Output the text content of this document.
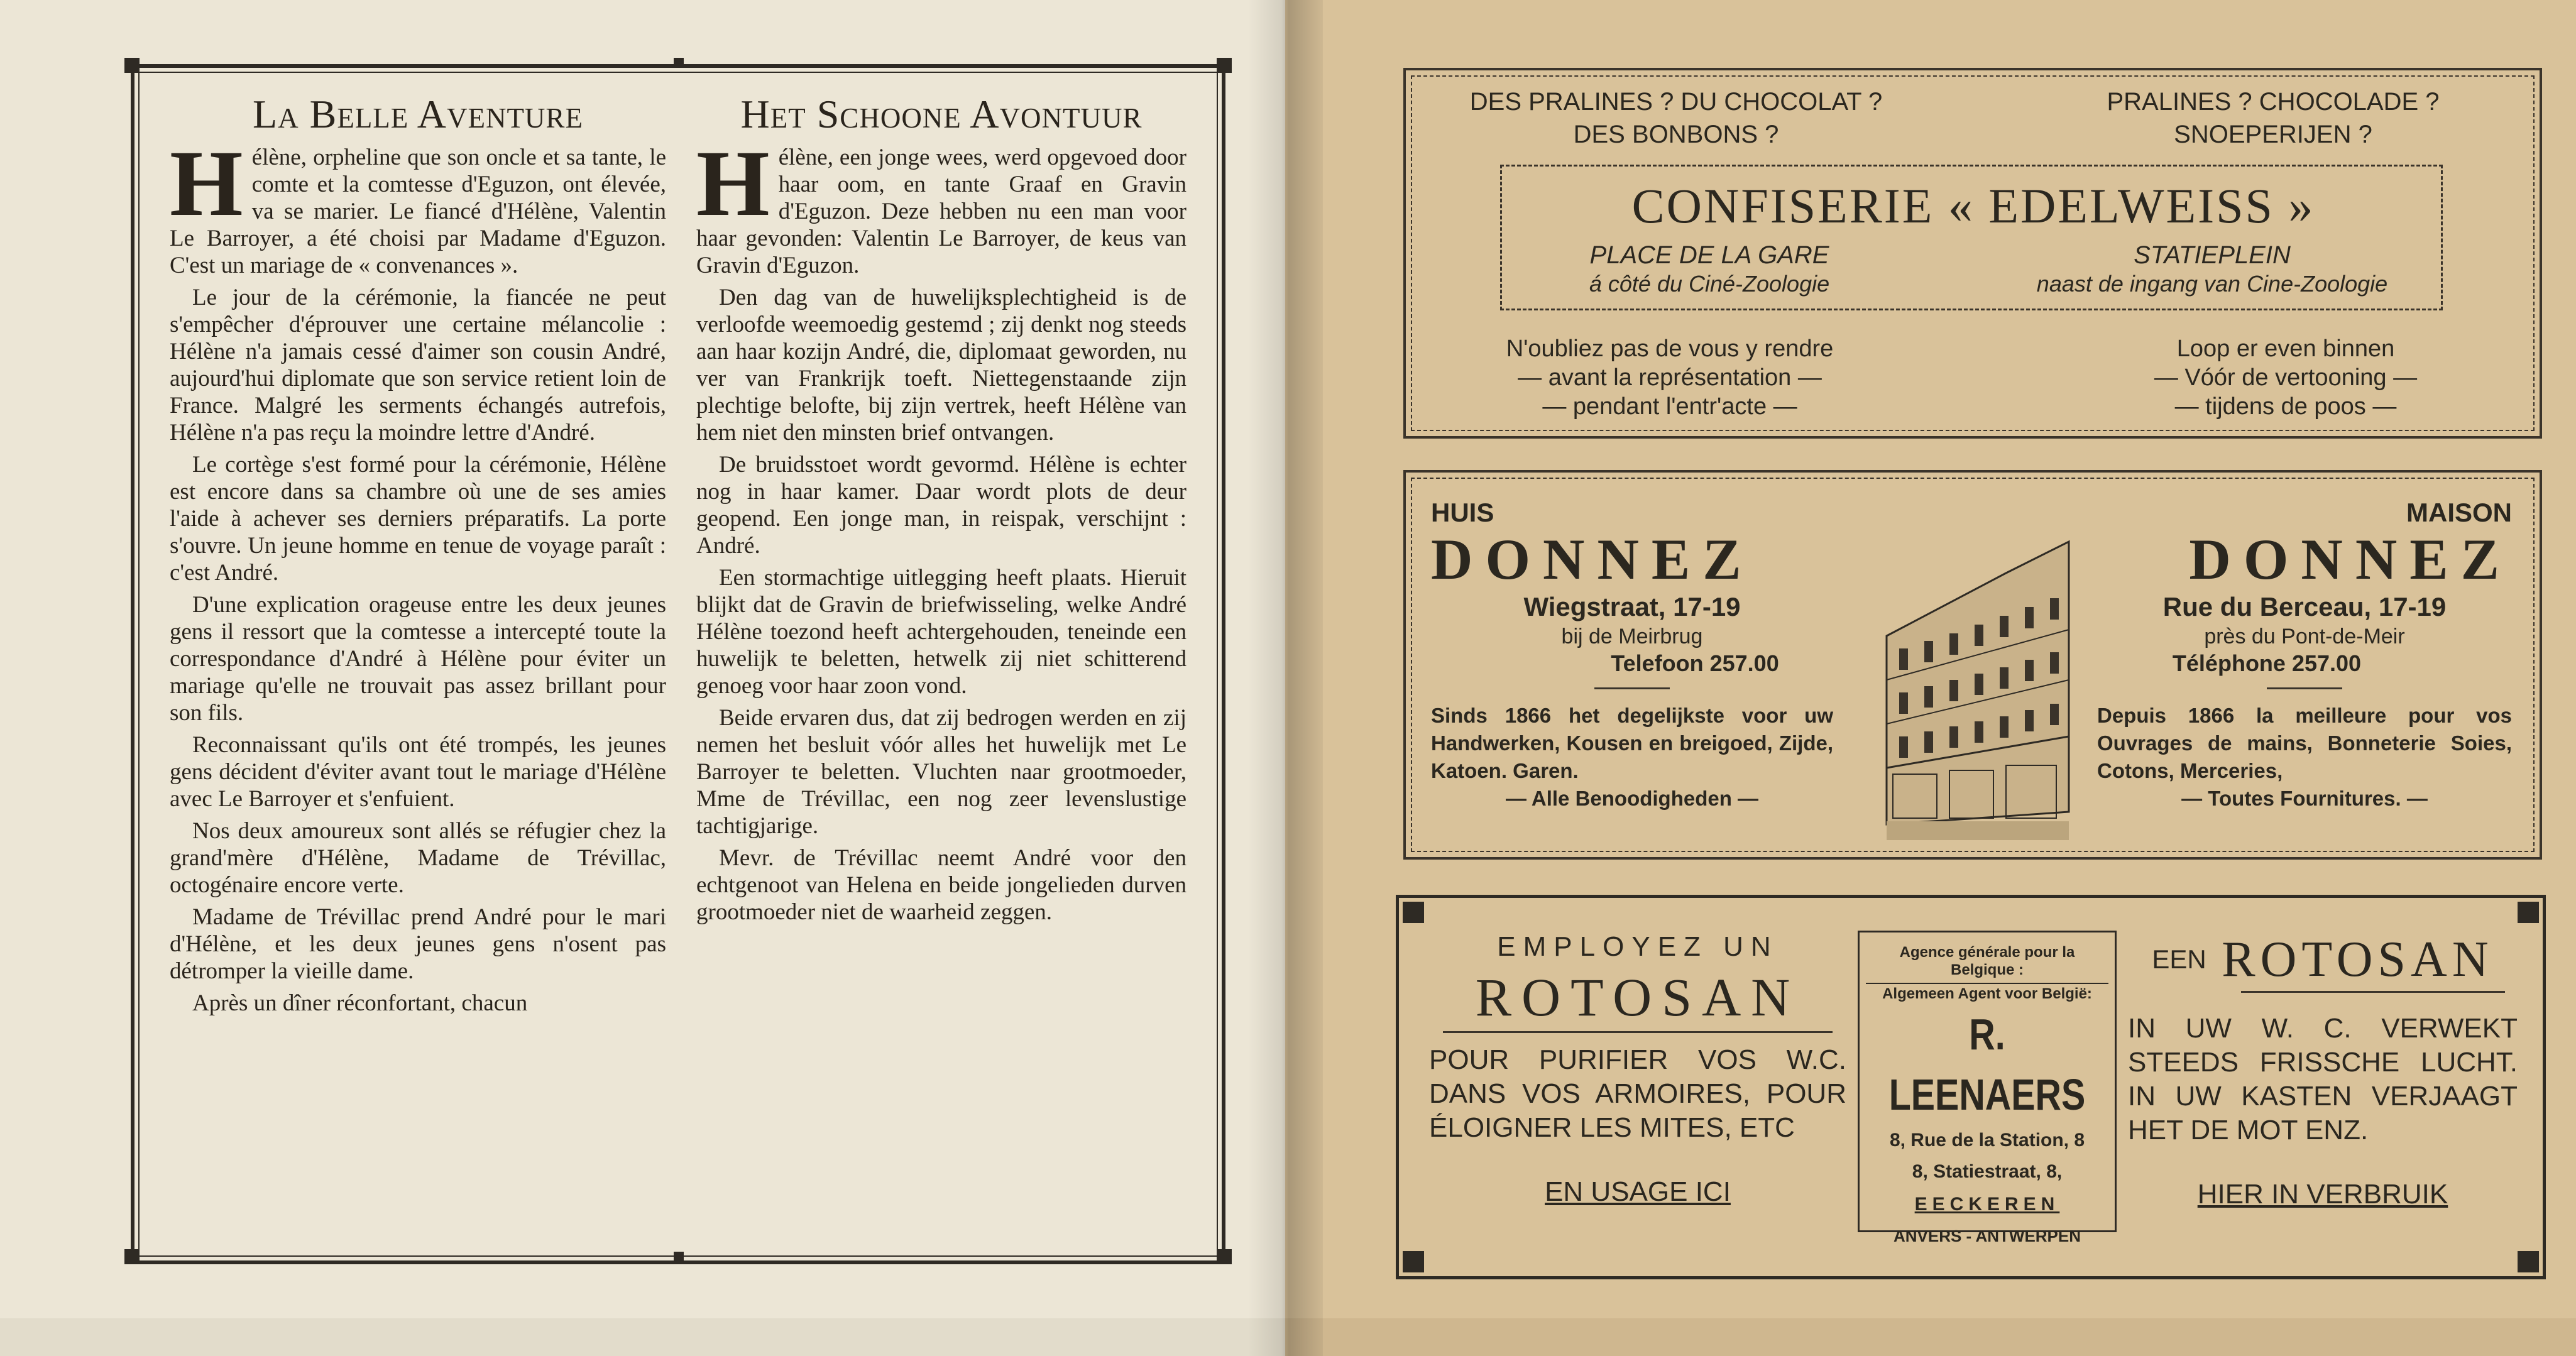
La Belle Aventure
H élène, orpheline que son oncle et sa tante, le comte et la comtesse d'Eguzon, ont élevée, va se marier. Le fiancé d'Hélène, Valentin Le Barroyer, a été choisi par Madame d'Eguzon. C'est un mariage de « convenances ».

Le jour de la cérémonie, la fiancée ne peut s'empêcher d'éprouver une certaine mélancolie : Hélène n'a jamais cessé d'aimer son cousin André, aujourd'hui diplomate que son service retient loin de France. Malgré les serments échangés autrefois, Hélène n'a pas reçu la moindre lettre d'André.

Le cortège s'est formé pour la cérémonie, Hélène est encore dans sa chambre où une de ses amies l'aide à achever ses derniers préparatifs. La porte s'ouvre. Un jeune homme en tenue de voyage paraît : c'est André.

D'une explication orageuse entre les deux jeunes gens il ressort que la comtesse a intercepté toute la correspondance d'André à Hélène pour éviter un mariage qu'elle ne trouvait pas assez brillant pour son fils.

Reconnaissant qu'ils ont été trompés, les jeunes gens décident d'éviter avant tout le mariage d'Hélène avec Le Barroyer et s'enfuient.

Nos deux amoureux sont allés se réfugier chez la grand'mère d'Hélène, Madame de Trévillac, octogénaire encore verte.

Madame de Trévillac prend André pour le mari d'Hélène, et les deux jeunes gens n'osent pas détromper la vieille dame.

Après un dîner réconfortant, chacun

Het Schoone Avontuur
H élène, een jonge wees, werd opgevoed door haar oom, en tante Graaf en Gravin d'Eguzon. Deze hebben nu een man voor haar gevonden: Valentin Le Barroyer, de keus van Gravin d'Eguzon.

Den dag van de huwelijksplechtigheid is de verloofde weemoedig gestemd ; zij denkt nog steeds aan haar kozijn André, die, diplomaat geworden, nu ver van Frankrijk toeft. Niettegenstaande zijn plechtige belofte, bij zijn vertrek, heeft Hélène van hem niet den minsten brief ontvangen.

De bruidsstoet wordt gevormd. Hélène is echter nog in haar kamer. Daar wordt plots de deur geopend. Een jonge man, in reispak, verschijnt : André.

Een stormachtige uitlegging heeft plaats. Hieruit blijkt dat de Gravin de briefwisseling, welke André Hélène toezond heeft achtergehouden, teneinde een huwelijk te beletten, hetwelk zij niet schitterend genoeg voor haar zoon vond.

Beide ervaren dus, dat zij bedrogen werden en zij nemen het besluit vóór alles het huwelijk met Le Barroyer te beletten. Vluchten naar grootmoeder, Mme de Trévillac, een nog zeer levenslustige tachtigjarige.

Mevr. de Trévillac neemt André voor den echtgenoot van Helena en beide jongelieden durven grootmoeder niet de waarheid zeggen.

DES PRALINES ? DU CHOCOLAT ?
DES BONBONS ?
PRALINES ? CHOCOLADE ?
SNOEPERIJEN ?
CONFISERIE « EDELWEISS »
PLACE DE LA GARE
á côté du Ciné-Zoologie
STATIEPLEIN
naast de ingang van Cine-Zoologie
N'oubliez pas de vous y rendre
— avant la représentation —
— pendant l'entr'acte —
Loop er even binnen
— Vóór de vertooning —
— tijdens de poos —
HUIS
DONNEZ
Wiegstraat, 17-19
bij de Meirbrug
Telefoon 257.00
Sinds 1866 het degelijkste voor uw Handwerken, Kousen en breigoed, Zijde, Katoen. Garen.
— Alle Benoodigheden —
MAISON
DONNEZ
Rue du Berceau, 17-19
près du Pont-de-Meir
Téléphone 257.00
Depuis 1866 la meilleure pour vos Ouvrages de mains, Bonneterie Soies, Cotons, Merceries,
— Toutes Fournitures. —
EMPLOYEZ UN
ROTOSAN
POUR PURIFIER VOS W.C. DANS VOS ARMOIRES, POUR ÉLOIGNER LES MITES, ETC
EN USAGE ICI
Agence générale pour la Belgique :
Algemeen Agent voor België:
R. LEENAERS
8, Rue de la Station, 8
8, Statiestraat, 8,
EECKEREN
ANVERS - ANTWERPEN
EEN ROTOSAN
IN UW W. C. VERWEKT STEEDS FRISSCHE LUCHT. IN UW KASTEN VERJAAGT HET DE MOT ENZ.
HIER IN VERBRUIK
